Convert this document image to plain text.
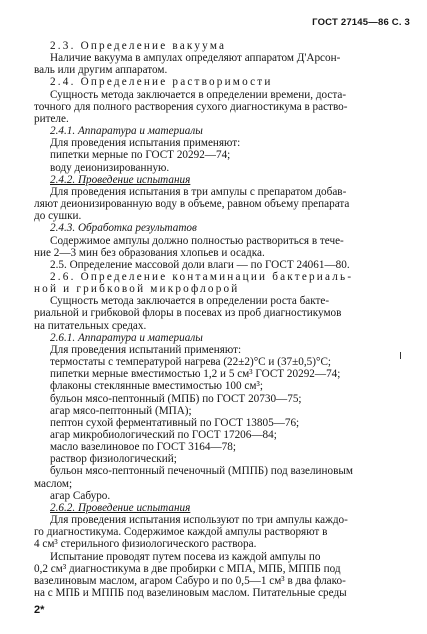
ГОСТ 27145—86 С. 3

2.3. Определение вакуума

Наличие вакуума в ампулах определяют аппаратом Д'Арсон-

валь или другим аппаратом.

2.4. Определение растворимости

Сущность метода заключается в определении времени, доста-

точного для полного растворения сухого диагностикума в раство-

рителе.

2.4.1. Аппаратура и материалы

Для проведения испытания применяют:

пипетки мерные по ГОСТ 20292—74;

воду деионизированную.

2.4.2. Проведение испытания

Для проведения испытания в три ампулы с препаратом добав-

ляют деионизированную воду в объеме, равном объему препарата

до сушки.

2.4.3. Обработка результатов

Содержимое ампулы должно полностью раствориться в тече-

ние 2—3 мин без образования хлопьев и осадка.

2.5. Определение массовой доли влаги — по ГОСТ 24061—80.

2.6. Определение контаминации бактериаль-

ной и грибковой микрофлорой

Сущность метода заключается в определении роста бакте-

риальной и грибковой флоры в посевах из проб диагностикумов

на питательных средах.

2.6.1. Аппаратура и материалы

Для проведения испытаний применяют:

термостаты с температурой нагрева (22±2)°С и (37±0,5)°С;

пипетки мерные вместимостью 1,2 и 5 см³ ГОСТ 20292—74;

флаконы стеклянные вместимостью 100 см³;

бульон мясо-пептонный (МПБ) по ГОСТ 20730—75;

агар мясо-пептонный (МПА);

пептон сухой ферментативный по ГОСТ 13805—76;

агар микробиологический по ГОСТ 17206—84;

масло вазелиновое по ГОСТ 3164—78;

раствор физиологический;

бульон мясо-пептонный печеночный (МППБ) под вазелиновым

маслом;

агар Сабуро.

2.6.2. Проведение испытания

Для проведения испытания используют по три ампулы каждо-

го диагностикума. Содержимое каждой ампулы растворяют в

4 см³ стерильного физиологического раствора.

Испытание проводят путем посева из каждой ампулы по

0,2 см³ диагностикума в две пробирки с МПА, МПБ, МППБ под

вазелиновым маслом, агаром Сабуро и по 0,5—1 см³ в два флако-

на с МПБ и МППБ под вазелиновым маслом. Питательные среды

2*
